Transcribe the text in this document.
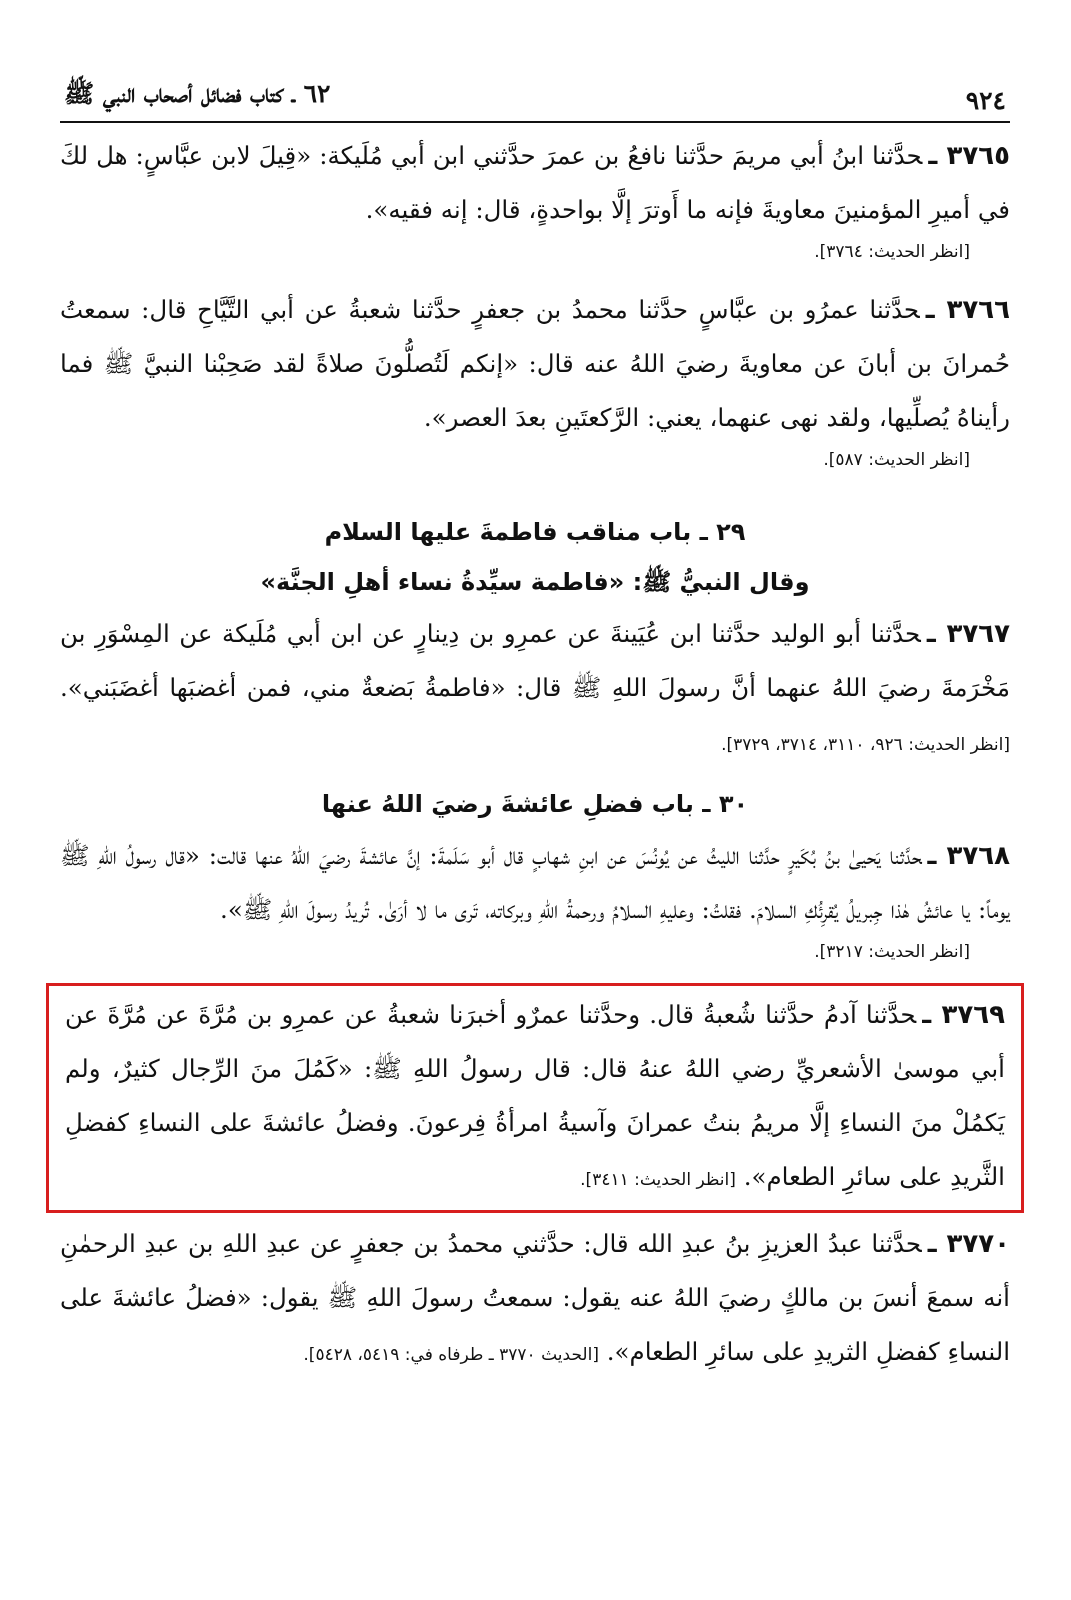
٩٢٤
٦٢ ـ كتاب فضائل أصحاب النبي ﷺ

٣٧٦٥ ـحدَّثنا ابنُ أبي مريمَ حدَّثنا نافعُ بن عمرَ حدَّثني ابن أبي مُلَيكة: «قِيلَ لابن عبَّاسٍ: هل لكَ في أميرِ المؤمنينَ معاويةَ فإنه ما أَوترَ إلَّا بواحدةٍ، قال: إنه فقيه».

[انظر الحديث: ٣٧٦٤].

٣٧٦٦ ـحدَّثنا عمرُو بن عبَّاسٍ حدَّثنا محمدُ بن جعفرٍ حدَّثنا شعبةُ عن أبي التَّيَّاحِ قال: سمعتُ حُمرانَ بن أبانَ عن معاويةَ رضيَ اللهُ عنه قال: «إنكم لَتُصلُّونَ صلاةً لقد صَحِبْنا النبيَّ ﷺ فما رأيناهُ يُصلِّيها، ولقد نهى عنهما، يعني: الرَّكعتَينِ بعدَ العصر».

[انظر الحديث: ٥٨٧].

٢٩ ـ باب مناقب فاطمةَ عليها السلام

وقال النبيُّ ﷺ: «فاطمة سيِّدةُ نساء أهلِ الجنَّة»

٣٧٦٧ ـحدَّثنا أبو الوليد حدَّثنا ابن عُيَينةَ عن عمرِو بن دِينارٍ عن ابن أبي مُلَيكة عن المِسْوَرِ بن مَخْرَمةَ رضيَ اللهُ عنهما أنَّ رسولَ اللهِ ﷺ قال: «فاطمةُ بَضعةٌ مني، فمن أغضبَها أغضَبَني». [انظر الحديث: ٩٢٦، ٣١١٠، ٣٧١٤، ٣٧٢٩].

٣٠ ـ باب فضلِ عائشةَ رضيَ اللهُ عنها

٣٧٦٨ ـحدَّثنا يَحيىٰ بنُ بُكَيرٍ حدَّثنا الليثُ عن يُونُسَ عن ابنِ شهابٍ قال أبو سَلَمةَ: إنَّ عائشةَ رضيَ اللهُ عنها قالت: «قال رسولُ اللهِ ﷺ يوماً: يا عائشُ هٰذا جِبريلُ يُقرِئُكِ السلامَ. فقلتُ: وعليهِ السلامُ ورحمةُ اللهِ وبركاته، تَرى ما لا أرَىٰ. تُريدُ رسولَ اللهِ ﷺ».

[انظر الحديث: ٣٢١٧].

٣٧٦٩ ـحدَّثنا آدمُ حدَّثنا شُعبةُ قال. وحدَّثنا عمرٌو أخبرَنا شعبةُ عن عمرِو بن مُرَّةَ عن مُرَّةَ عن أبي موسىٰ الأشعريِّ رضي اللهُ عنهُ قال: قال رسولُ اللهِ ﷺ: «كَمُلَ منَ الرِّجال كثيرٌ، ولم يَكمُلْ منَ النساءِ إلَّا مريمُ بنتُ عمرانَ وآسيةُ امرأةُ فِرعونَ. وفضلُ عائشةَ على النساءِ كفضلِ الثَّريدِ على سائرِ الطعام». [انظر الحديث: ٣٤١١].

٣٧٧٠ ـحدَّثنا عبدُ العزيزِ بنُ عبدِ الله قال: حدَّثني محمدُ بن جعفرٍ عن عبدِ اللهِ بن عبدِ الرحمٰنِ أنه سمعَ أنسَ بن مالكٍ رضيَ اللهُ عنه يقول: سمعتُ رسولَ اللهِ ﷺ يقول: «فضلُ عائشةَ على النساءِ كفضلِ الثريدِ على سائرِ الطعام». [الحديث ٣٧٧٠ ـ طرفاه في: ٥٤١٩، ٥٤٢٨].
